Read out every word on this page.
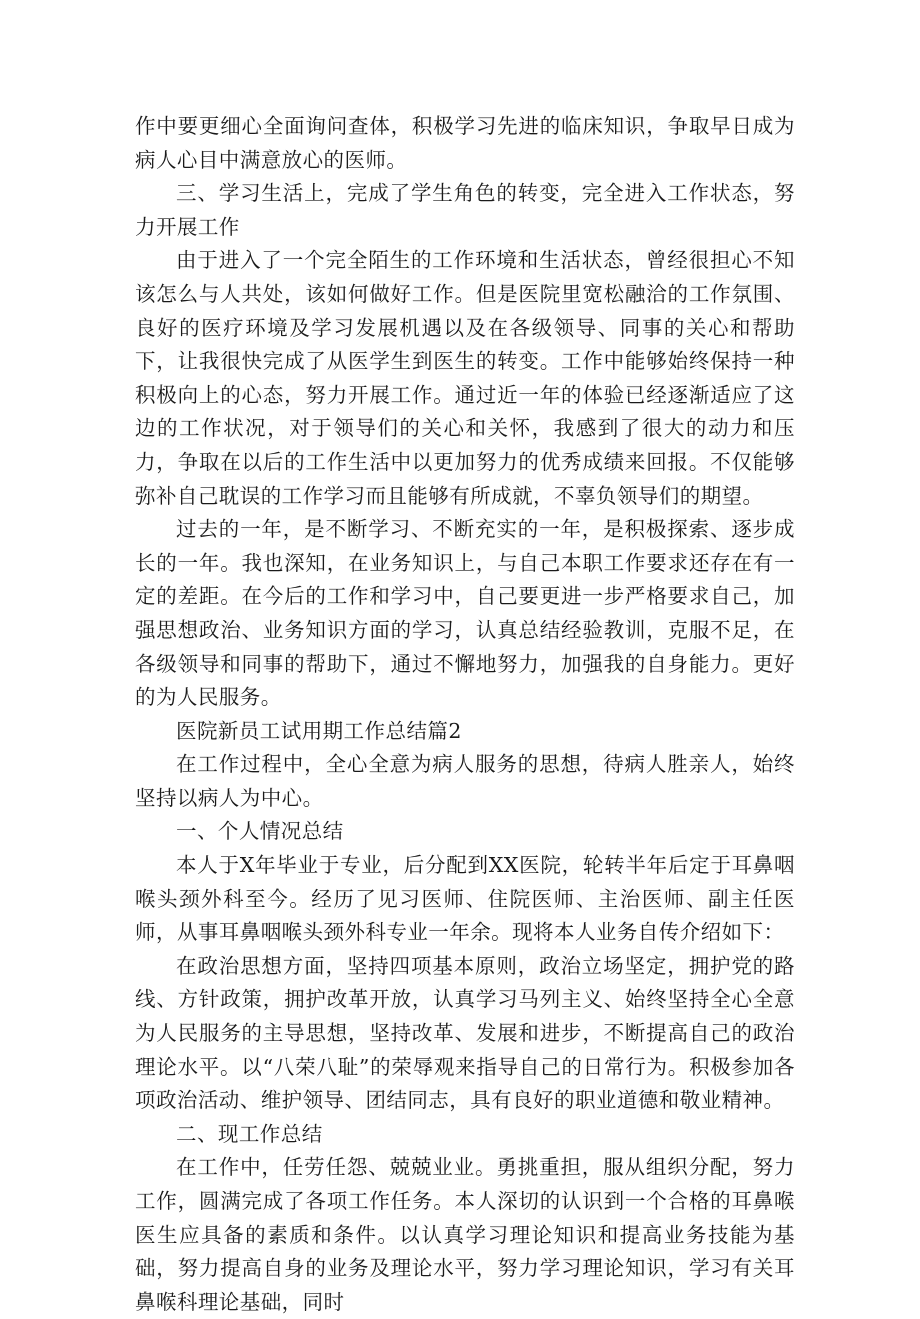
作中要更细心全面询问查体，积极学习先进的临床知识，争取早日成为病人心目中满意放心的医师。

三、学习生活上，完成了学生角色的转变，完全进入工作状态，努力开展工作

由于进入了一个完全陌生的工作环境和生活状态，曾经很担心不知该怎么与人共处，该如何做好工作。但是医院里宽松融洽的工作氛围、良好的医疗环境及学习发展机遇以及在各级领导、同事的关心和帮助下，让我很快完成了从医学生到医生的转变。工作中能够始终保持一种积极向上的心态，努力开展工作。通过近一年的体验已经逐渐适应了这边的工作状况，对于领导们的关心和关怀，我感到了很大的动力和压力，争取在以后的工作生活中以更加努力的优秀成绩来回报。不仅能够弥补自己耽误的工作学习而且能够有所成就，不辜负领导们的期望。

过去的一年，是不断学习、不断充实的一年，是积极探索、逐步成长的一年。我也深知，在业务知识上，与自己本职工作要求还存在有一定的差距。在今后的工作和学习中，自己要更进一步严格要求自己，加强思想政治、业务知识方面的学习，认真总结经验教训，克服不足，在各级领导和同事的帮助下，通过不懈地努力，加强我的自身能力。更好的为人民服务。

医院新员工试用期工作总结篇2

在工作过程中，全心全意为病人服务的思想，待病人胜亲人，始终坚持以病人为中心。

一、个人情况总结

本人于X年毕业于专业，后分配到XX医院，轮转半年后定于耳鼻咽喉头颈外科至今。经历了见习医师、住院医师、主治医师、副主任医师，从事耳鼻咽喉头颈外科专业一年余。现将本人业务自传介绍如下：

在政治思想方面，坚持四项基本原则，政治立场坚定，拥护党的路线、方针政策，拥护改革开放，认真学习马列主义、始终坚持全心全意为人民服务的主导思想，坚持改革、发展和进步，不断提高自己的政治理论水平。以“八荣八耻”的荣辱观来指导自己的日常行为。积极参加各项政治活动、维护领导、团结同志，具有良好的职业道德和敬业精神。

二、现工作总结

在工作中，任劳任怨、兢兢业业。勇挑重担，服从组织分配，努力工作，圆满完成了各项工作任务。本人深切的认识到一个合格的耳鼻喉医生应具备的素质和条件。以认真学习理论知识和提高业务技能为基础，努力提高自身的业务及理论水平，努力学习理论知识，学习有关耳鼻喉科理论基础，同时
